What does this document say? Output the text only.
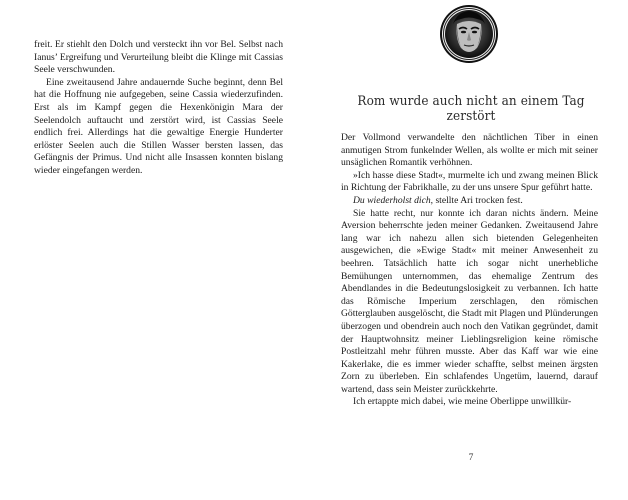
freit. Er stiehlt den Dolch und versteckt ihn vor Bel. Selbst nach Ianus’ Ergreifung und Verurteilung bleibt die Klinge mit Cassias Seele verschwunden.

Eine zweitausend Jahre andauernde Suche beginnt, denn Bel hat die Hoffnung nie aufgegeben, seine Cassia wiederzufinden. Erst als im Kampf gegen die Hexenkönigin Mara der Seelendolch auftaucht und zerstört wird, ist Cassias Seele endlich frei. Allerdings hat die gewaltige Energie Hunderter erlöster Seelen auch die Stillen Wasser bersten lassen, das Gefängnis der Primus. Und nicht alle Insassen konnten bislang wieder eingefangen werden.

Rom wurde auch nicht an einem Tag zerstört

Der Vollmond verwandelte den nächtlichen Tiber in einen anmutigen Strom funkelnder Wellen, als wollte er mich mit seiner unsäglichen Romantik verhöhnen.

»Ich hasse diese Stadt«, murmelte ich und zwang meinen Blick in Richtung der Fabrikhalle, zu der uns unsere Spur geführt hatte.

Du wiederholst dich, stellte Ari trocken fest.

Sie hatte recht, nur konnte ich daran nichts ändern. Meine Aversion beherrschte jeden meiner Gedanken. Zweitausend Jahre lang war ich nahezu allen sich bietenden Gelegenheiten ausgewichen, die »Ewige Stadt« mit meiner Anwesenheit zu beehren. Tatsächlich hatte ich sogar nicht unerhebliche Bemühungen unternommen, das ehemalige Zentrum des Abendlandes in die Bedeutungslosigkeit zu verbannen. Ich hatte das Römische Imperium zerschlagen, den römischen Götterglauben ausgelöscht, die Stadt mit Plagen und Plünderungen überzogen und obendrein auch noch den Vatikan gegründet, damit der Hauptwohnsitz meiner Lieblingsreligion keine römische Postleitzahl mehr führen musste. Aber das Kaff war wie eine Kakerlake, die es immer wieder schaffte, selbst meinen ärgsten Zorn zu überleben. Ein schlafendes Ungetüm, lauernd, darauf wartend, dass sein Meister zurückkehrte.

Ich ertappte mich dabei, wie meine Oberlippe unwillkür-

7
